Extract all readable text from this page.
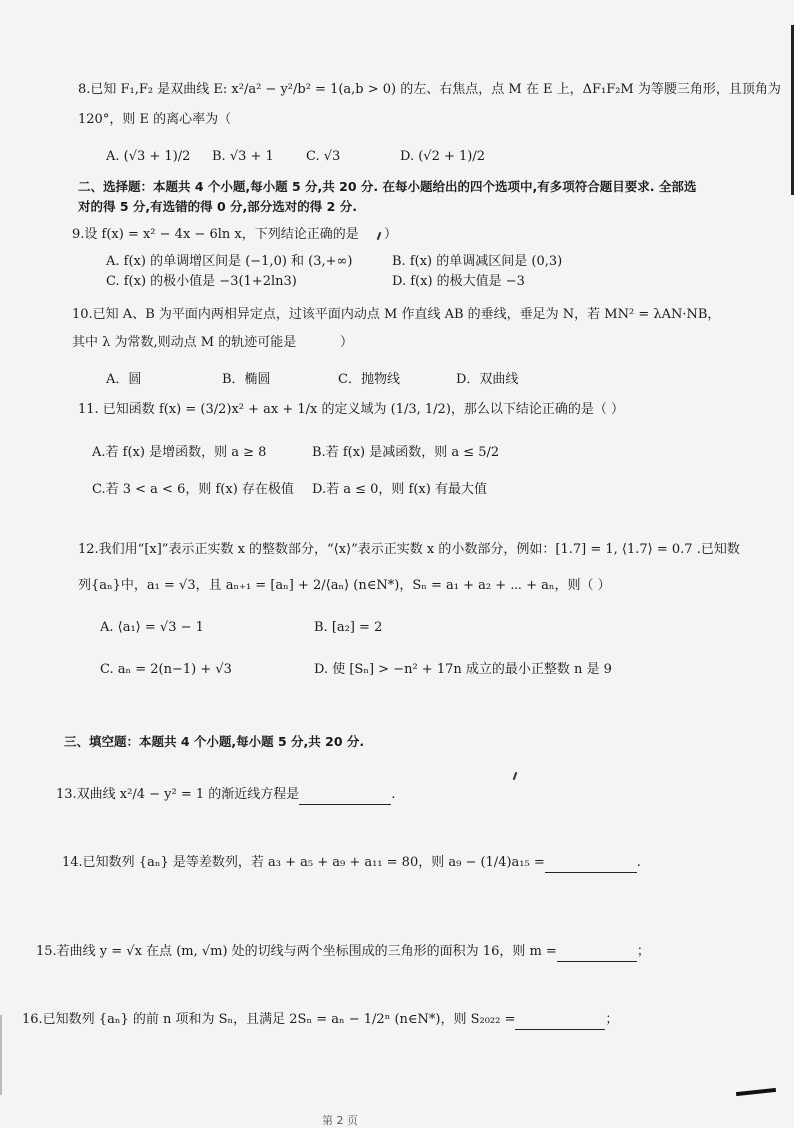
8.已知 F₁,F₂ 是双曲线 E: x²/a² − y²/b² = 1(a,b > 0) 的左、右焦点，点 M 在 E 上，ΔF₁F₂M 为等腰三角形，且顶角为
120°，则 E 的离心率为（
A. (√3 + 1)/2 B. √3 + 1 C. √3	D. (√2 + 1)/2
二、选择题：本题共 4 个小题,每小题 5 分,共 20 分. 在每小题给出的四个选项中,有多项符合题目要求. 全部选
对的得 5 分,有选错的得 0 分,部分选对的得 2 分.
9.设 f(x) = x² − 4x − 6ln x，下列结论正确的是 ）
A. f(x) 的单调增区间是 (−1,0) 和 (3,+∞)	B. f(x) 的单调减区间是 (0,3)
C. f(x) 的极小值是 −3(1+2ln3)	D. f(x) 的极大值是 −3
10.已知 A、B 为平面内两相异定点，过该平面内动点 M 作直线 AB 的垂线，垂足为 N，若 MN² = λAN·NB，
其中 λ 为常数,则动点 M 的轨迹可能是	）
A．圆	B．椭圆	C．抛物线	D．双曲线
11. 已知函数 f(x) = (3/2)x² + ax + 1/x 的定义域为 (1/3, 1/2)，那么以下结论正确的是（ ）
A.若 f(x) 是增函数，则 a ≥ 8	B.若 f(x) 是减函数，则 a ≤ 5/2
C.若 3 < a < 6，则 f(x) 存在极值 D.若 a ≤ 0，则 f(x) 有最大值
12.我们用“[x]”表示正实数 x 的整数部分，“⟨x⟩”表示正实数 x 的小数部分，例如：[1.7] = 1, ⟨1.7⟩ = 0.7 .已知数
列{aₙ}中，a₁ = √3，且 aₙ₊₁ = [aₙ] + 2/⟨aₙ⟩ (n∈N*)，Sₙ = a₁ + a₂ + ⋯ + aₙ，则（ ）
A. ⟨a₁⟩ = √3 − 1	B. [a₂] = 2
C. aₙ = 2(n−1) + √3	D. 使 [Sₙ] > −n² + 17n 成立的最小正整数 n 是 9
三、填空题：本题共 4 个小题,每小题 5 分,共 20 分.
13.双曲线 x²/4 − y² = 1 的渐近线方程是	.
14.已知数列 {aₙ} 是等差数列，若 a₃ + a₅ + a₉ + a₁₁ = 80，则 a₉ − (1/4)a₁₅ =	.
15.若曲线 y = √x 在点 (m, √m) 处的切线与两个坐标围成的三角形的面积为 16，则 m =	；
16.已知数列 {aₙ} 的前 n 项和为 Sₙ，且满足 2Sₙ = aₙ − 1/2ⁿ (n∈N*)，则 S₂₀₂₂ =	；
第 2 页
